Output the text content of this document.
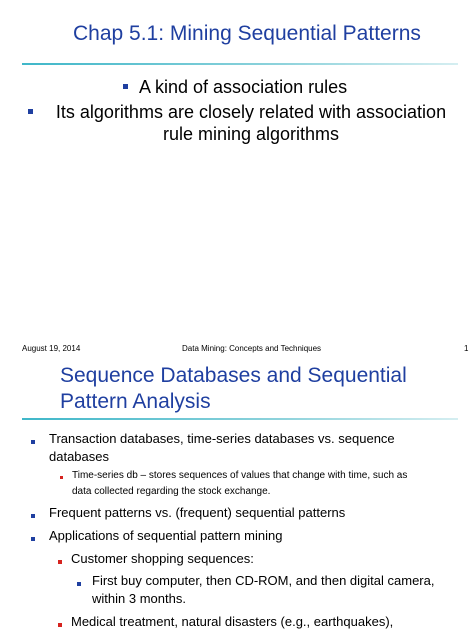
Chap 5.1: Mining Sequential Patterns
A kind of association rules
Its algorithms are closely related with association rule mining algorithms
August 19, 2014	Data Mining: Concepts and Techniques	1
Sequence Databases and Sequential
Pattern Analysis
Transaction databases, time-series databases vs. sequence
databases
Time-series db – stores sequences of values that change with time, such as
data collected regarding the stock exchange.
Frequent patterns vs. (frequent) sequential patterns
Applications of sequential pattern mining
Customer shopping sequences:
First buy computer, then CD-ROM, and then digital camera,
within 3 months.
Medical treatment, natural disasters (e.g., earthquakes),
